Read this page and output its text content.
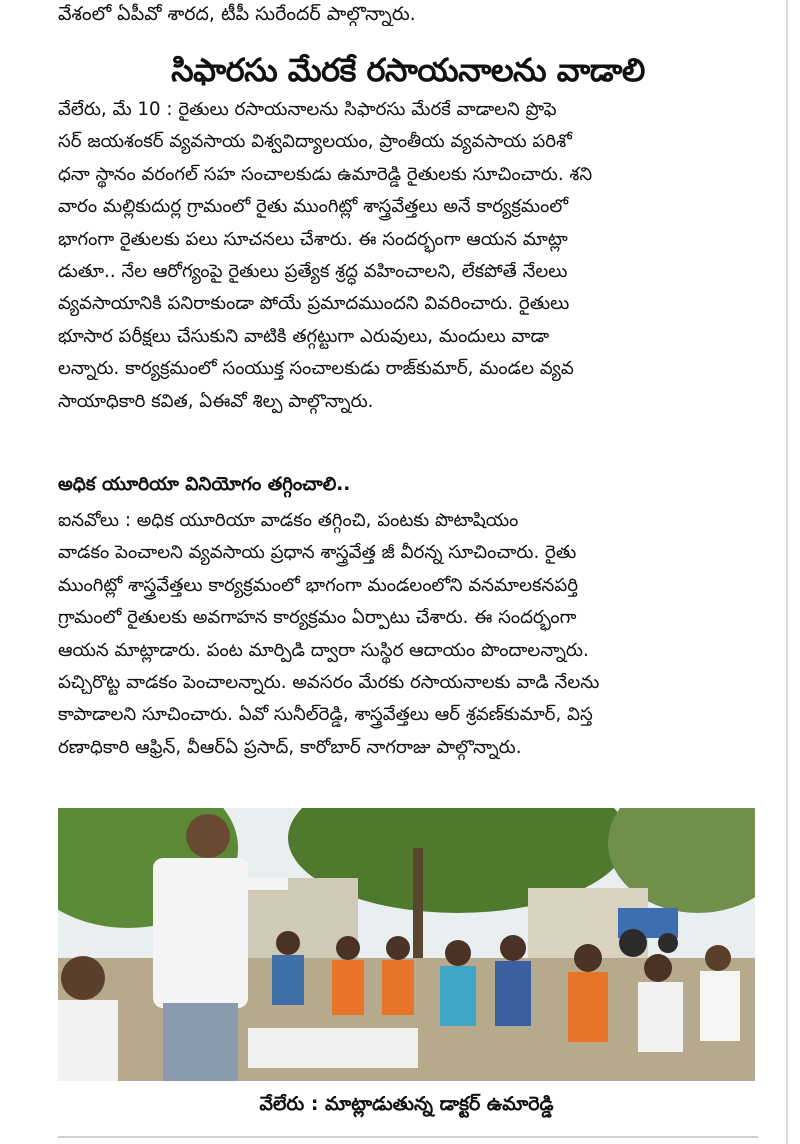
వేశంలో ఏపీవో శారద, టీపీ సురేందర్ పాల్గొన్నారు.
సిఫారసు మేరకే రసాయనాలను వాడాలి
వేలేరు, మే 10 : రైతులు రసాయనాలను సిఫారసు మేరకే వాడాలని ప్రొఫె
సర్ జయశంకర్ వ్యవసాయ విశ్వవిద్యాలయం, ప్రాంతీయ వ్యవసాయ పరిశో
ధనా స్థానం వరంగల్ సహ సంచాలకుడు ఉమారెడ్డి రైతులకు సూచించారు. శని
వారం మల్లికుదుర్ల గ్రామంలో రైతు ముంగిట్లో శాస్త్రవేత్తలు అనే కార్యక్రమంలో
భాగంగా రైతులకు పలు సూచనలు చేశారు. ఈ సందర్భంగా ఆయన మాట్లా
డుతూ.. నేల ఆరోగ్యంపై రైతులు ప్రత్యేక శ్రద్ధ వహించాలని, లేకపోతే నేలలు
వ్యవసాయానికి పనిరాకుండా పోయే ప్రమాదముందని వివరించారు. రైతులు
భూసార పరీక్షలు చేసుకుని వాటికి తగ్గట్టుగా ఎరువులు, మందులు వాడా
లన్నారు. కార్యక్రమంలో సంయుక్త సంచాలకుడు రాజ్‌కుమార్, మండల వ్యవ
సాయాధికారి కవిత, ఏఈవో శిల్ప పాల్గొన్నారు.
అధిక యూరియా వినియోగం తగ్గించాలి..
ఐనవోలు : అధిక యూరియా వాడకం తగ్గించి, పంటకు పొటాషియం
వాడకం పెంచాలని వ్యవసాయ ప్రధాన శాస్త్రవేత్త జీ వీరన్న సూచించారు. రైతు
ముంగిట్లో శాస్త్రవేత్తలు కార్యక్రమంలో భాగంగా మండలంలోని వనమాలకనపర్తి
గ్రామంలో రైతులకు అవగాహన కార్యక్రమం ఏర్పాటు చేశారు. ఈ సందర్భంగా
ఆయన మాట్లాడారు. పంట మార్పిడి ద్వారా సుస్థిర ఆదాయం పొందాలన్నారు.
పచ్చిరొట్ట వాడకం పెంచాలన్నారు. అవసరం మేరకు రసాయనాలకు వాడి నేలను
కాపాడాలని సూచించారు. ఏవో సునీల్‌రెడ్డి, శాస్త్రవేత్తలు ఆర్ శ్రవణ్‌కుమార్, విస్త
రణాధికారి ఆఫ్రిన్, వీఆర్ఏ ప్రసాద్, కారోబార్ నాగరాజు పాల్గొన్నారు.
వేలేరు : మాట్లాడుతున్న డాక్టర్ ఉమారెడ్డి
